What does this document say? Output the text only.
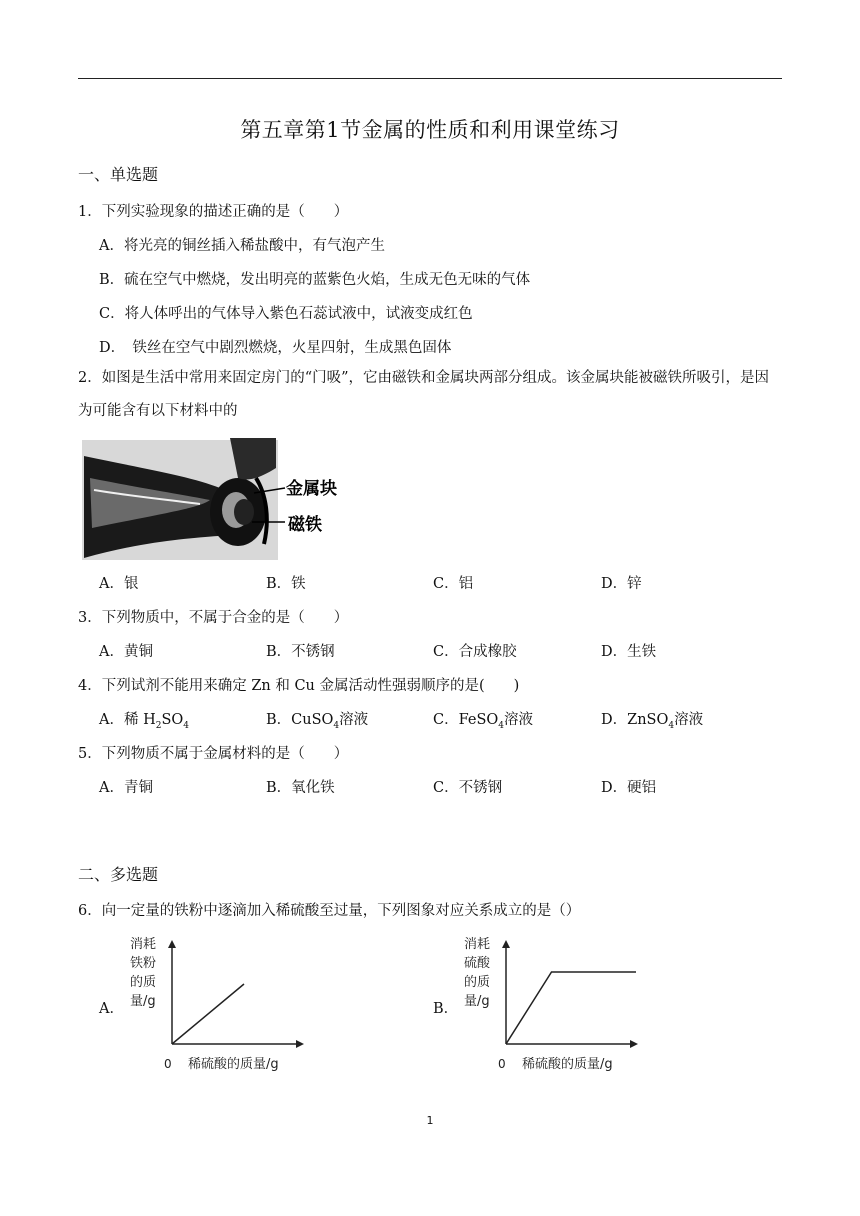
第五章第1节金属的性质和利用课堂练习
一、单选题
1．下列实验现象的描述正确的是（　　）
A．将光亮的铜丝插入稀盐酸中，有气泡产生
B．硫在空气中燃烧，发出明亮的蓝紫色火焰，生成无色无味的气体
C．将人体呼出的气体导入紫色石蕊试液中，试液变成红色
D．　铁丝在空气中剧烈燃烧，火星四射，生成黑色固体
2．如图是生活中常用来固定房门的“门吸”，它由磁铁和金属块两部分组成。该金属块能被磁铁所吸引，是因为可能含有以下材料中的
金属块
磁铁
A．银	B．铁	C．铝	D．锌
3．下列物质中，不属于合金的是（　　）
A．黄铜	B．不锈钢	C．合成橡胶	D．生铁
4．下列试剂不能用来确定 Zn 和 Cu 金属活动性强弱顺序的是(　　)
A．稀 $H_2SO_4$	B．CuSO$_4$溶液	C．FeSO$_4$溶液	D．ZnSO$_4$溶液
5．下列物质不属于金属材料的是（　　）
A．青铜	B．氧化铁	C．不锈钢	D．硬铝
二、多选题
6．向一定量的铁粉中逐滴加入稀硫酸至过量，下列图象对应关系成立的是（）
A．
消耗
铁粉
的质
量/g
0 稀硫酸的质量/g
B．
消耗
硫酸
的质
量/g
0 稀硫酸的质量/g
1
